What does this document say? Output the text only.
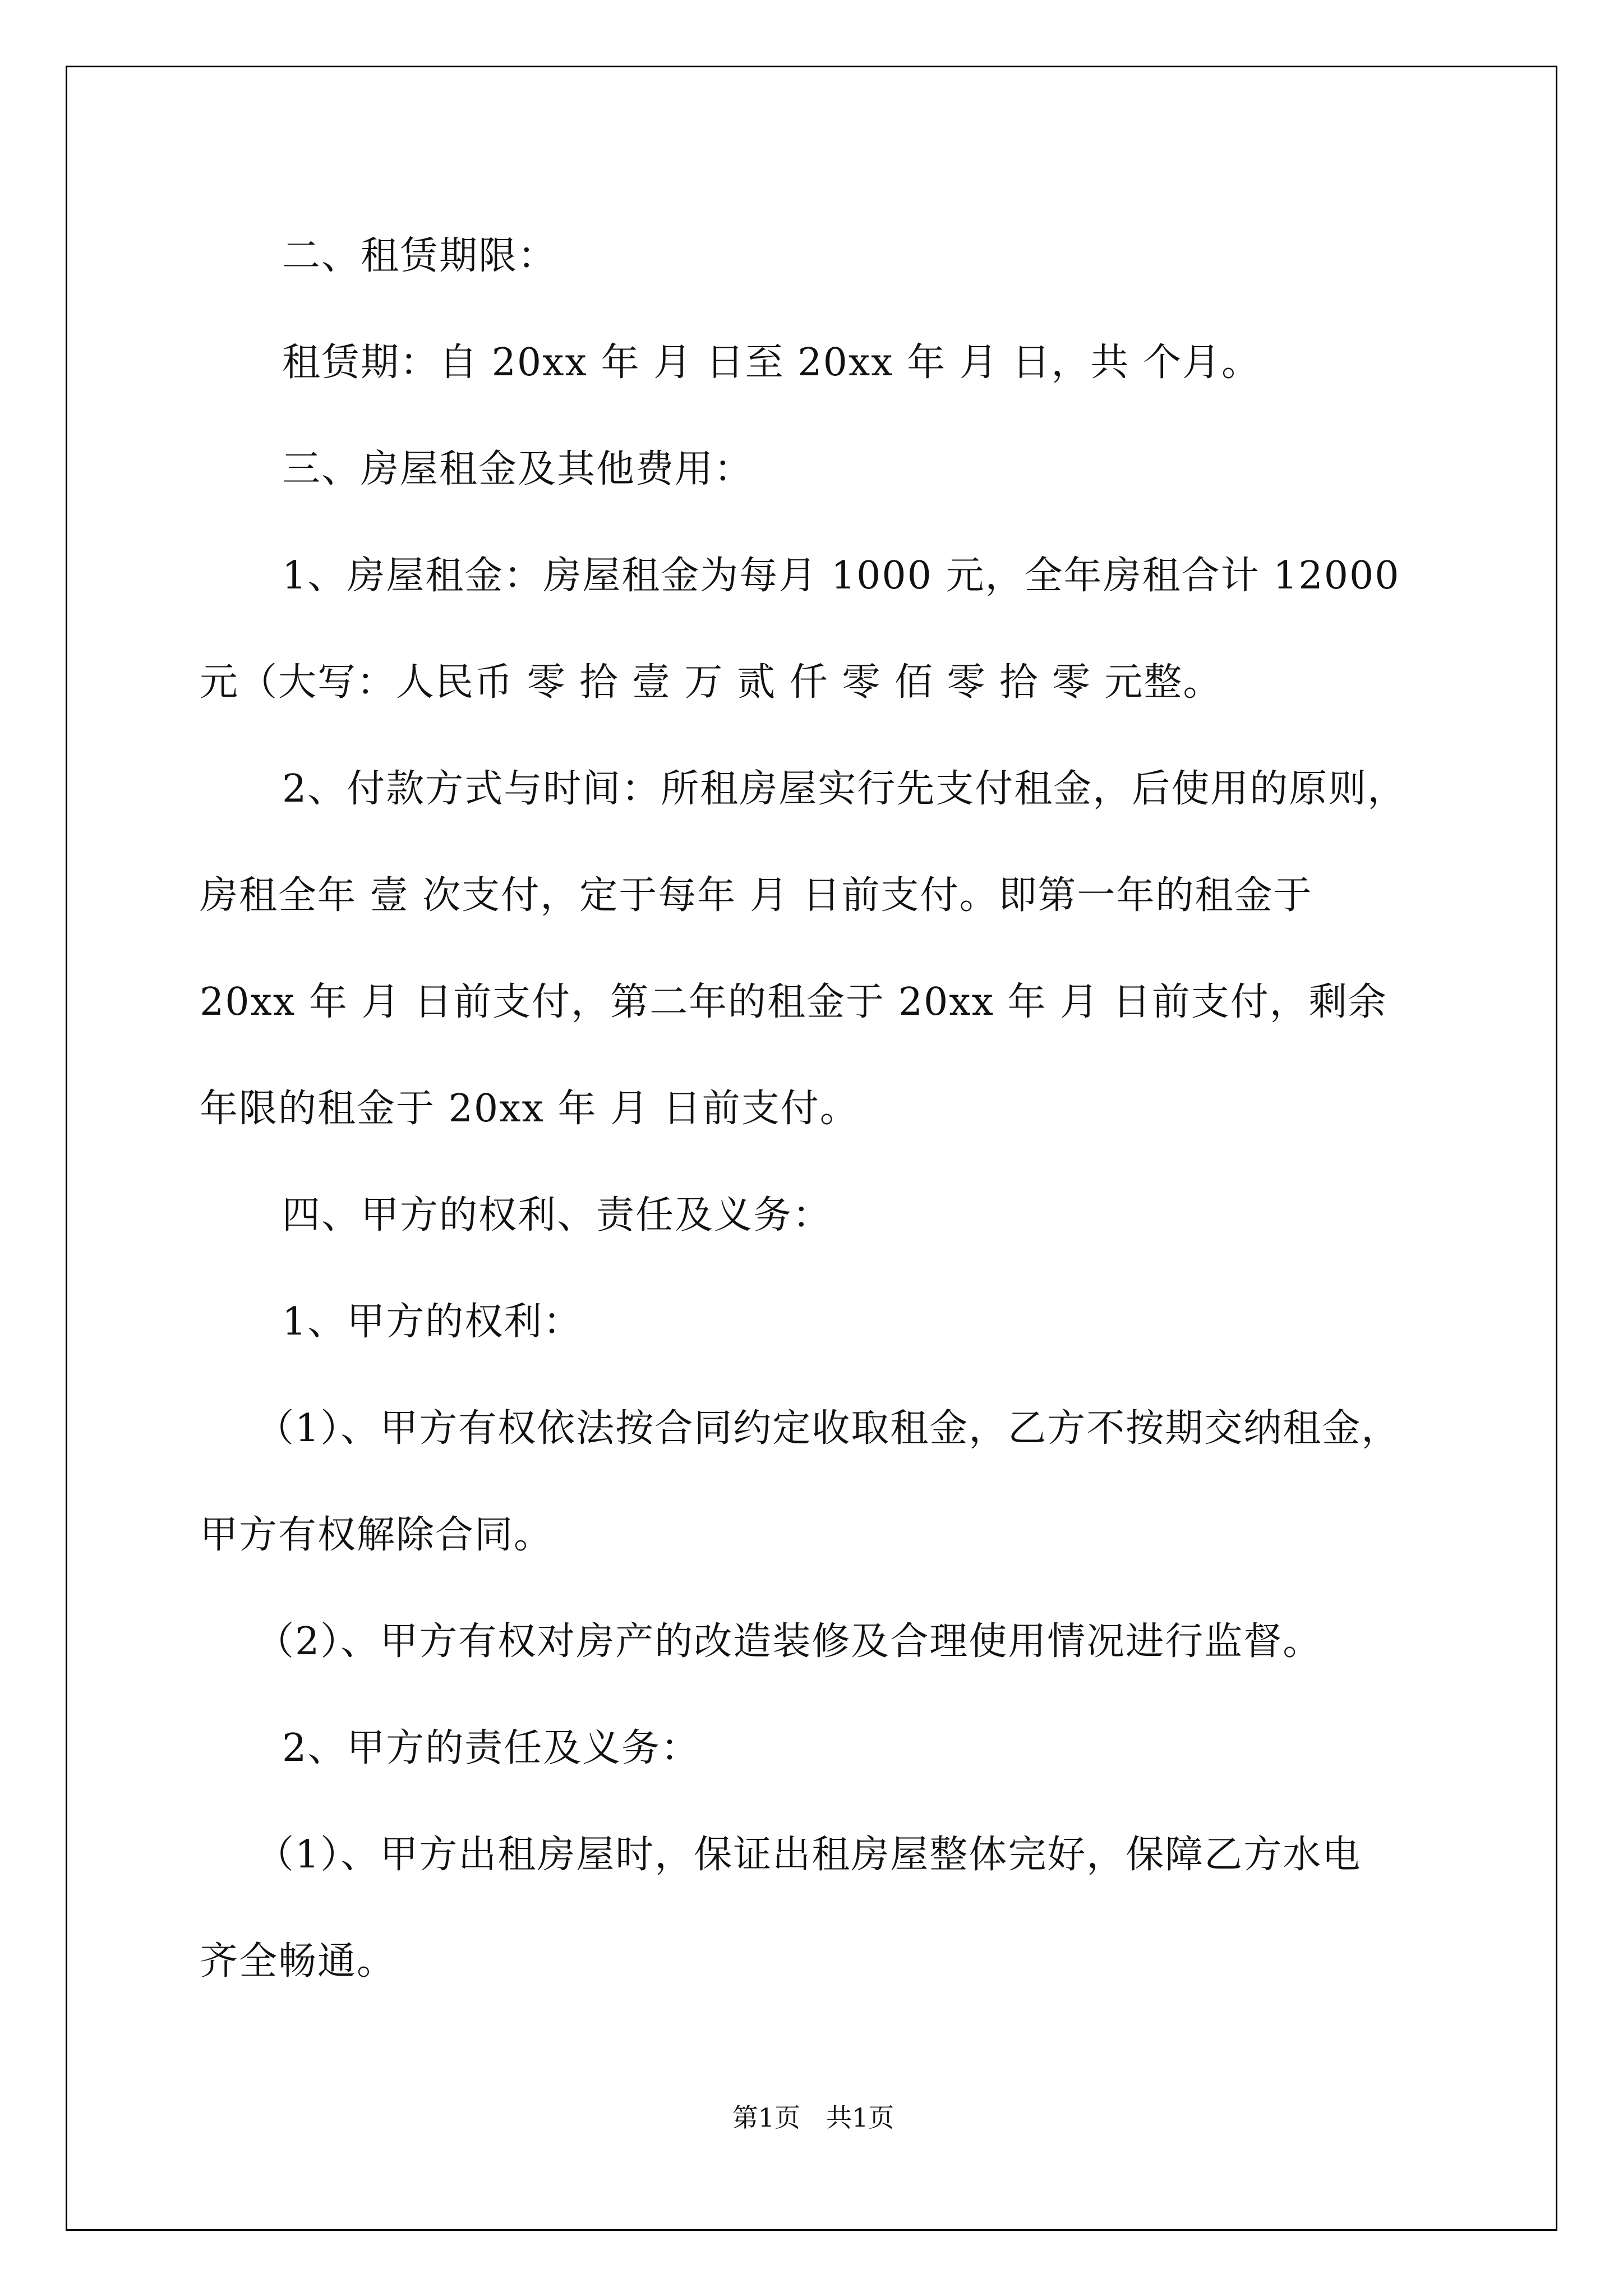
二、租赁期限：
租赁期：自 20xx 年 月 日至 20xx 年 月 日，共 个月。
三、房屋租金及其他费用：
1、房屋租金：房屋租金为每月 1000 元，全年房租合计 12000
元（大写：人民币 零 拾 壹 万 贰 仟 零 佰 零 拾 零 元整。
2、付款方式与时间：所租房屋实行先支付租金，后使用的原则，
房租全年 壹 次支付，定于每年 月 日前支付。即第一年的租金于
20xx 年 月 日前支付，第二年的租金于 20xx 年 月 日前支付，剩余
年限的租金于 20xx 年 月 日前支付。
四、甲方的权利、责任及义务：
1、甲方的权利：
（1）、甲方有权依法按合同约定收取租金，乙方不按期交纳租金，
甲方有权解除合同。
（2）、甲方有权对房产的改造装修及合理使用情况进行监督。
2、甲方的责任及义务：
（1）、甲方出租房屋时，保证出租房屋整体完好，保障乙方水电
齐全畅通。
第1页　共1页
